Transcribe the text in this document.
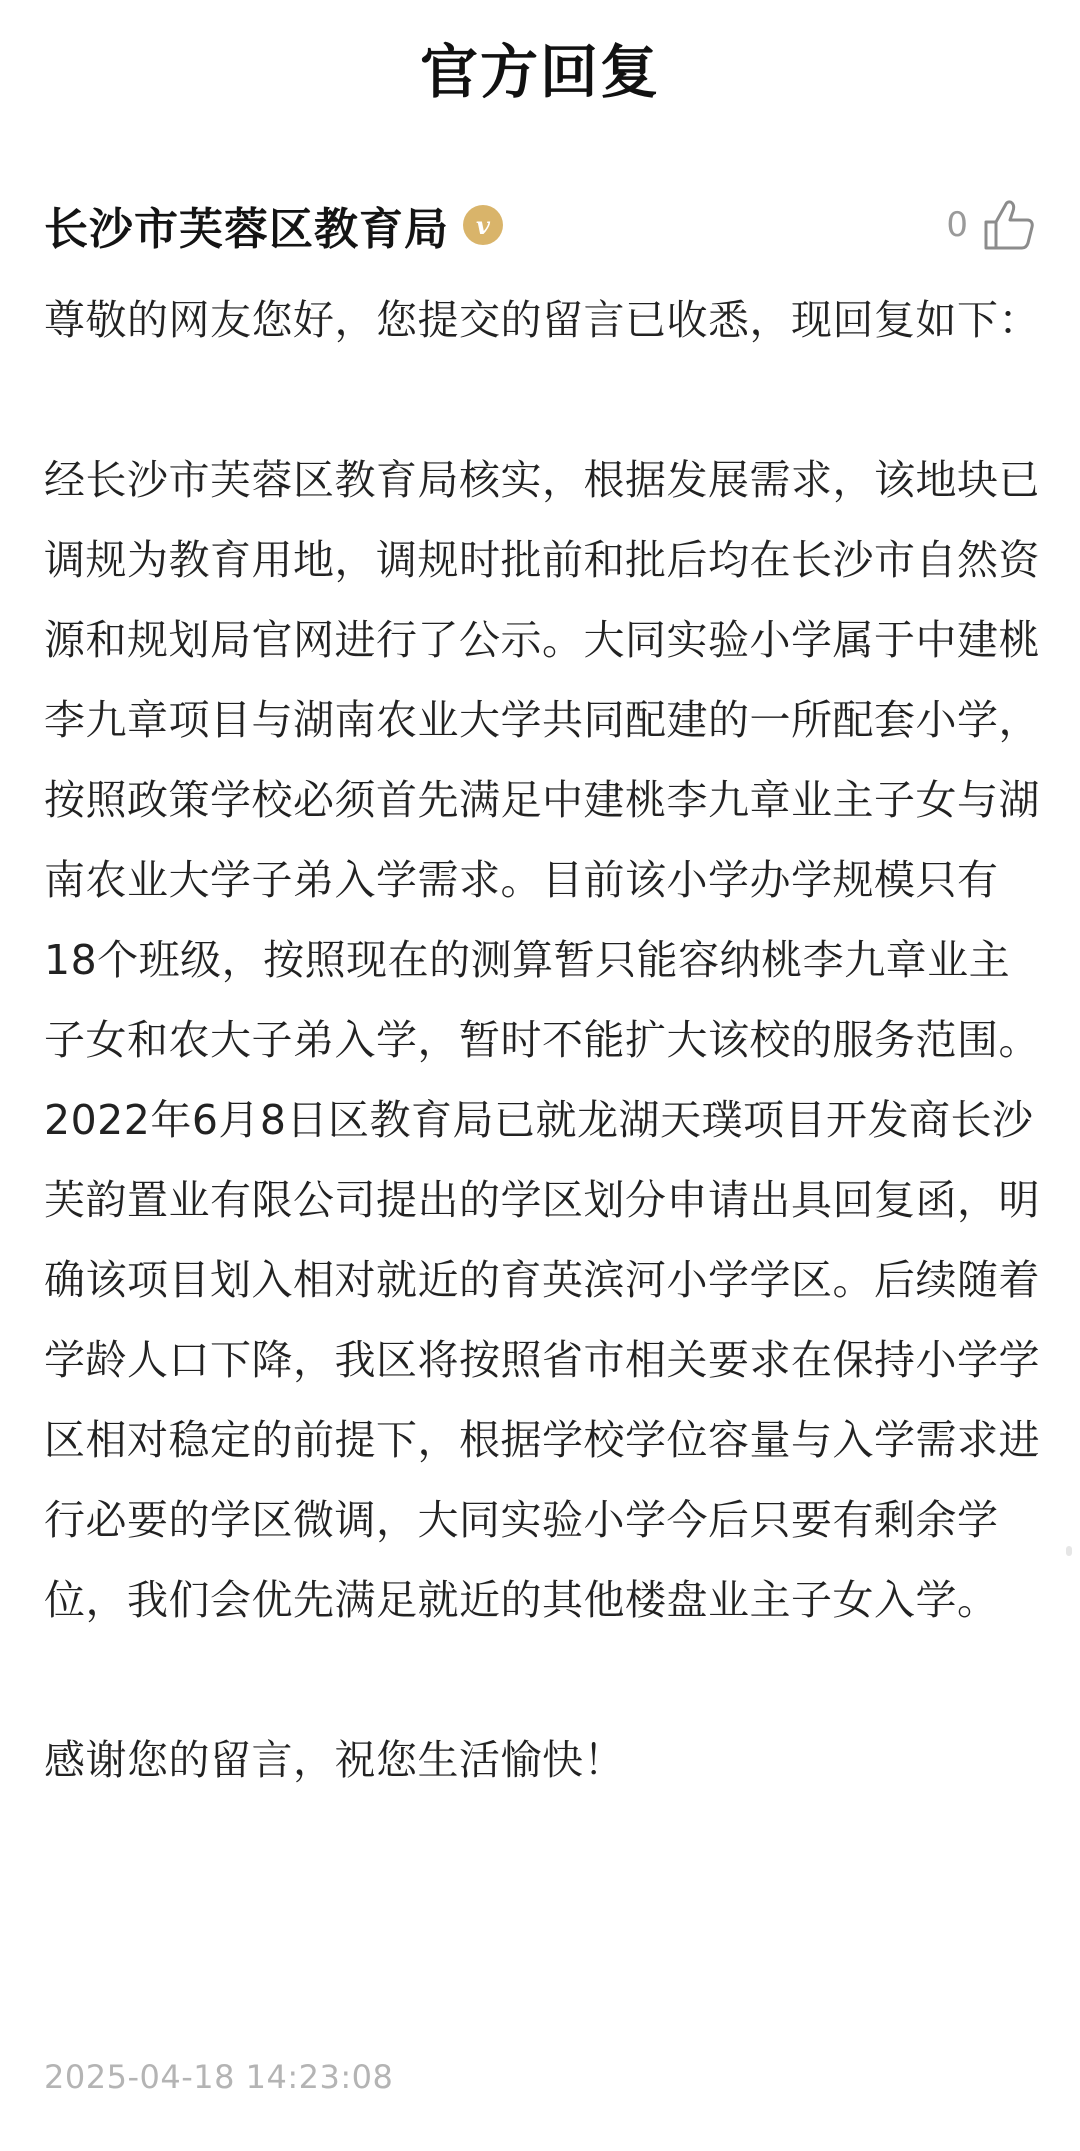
官方回复
长沙市芙蓉区教育局	v	0

尊敬的网友您好，您提交的留言已收悉，现回复如下：

经长沙市芙蓉区教育局核实，根据发展需求，该地块已调规为教育用地，调规时批前和批后均在长沙市自然资源和规划局官网进行了公示。大同实验小学属于中建桃李九章项目与湖南农业大学共同配建的一所配套小学，按照政策学校必须首先满足中建桃李九章业主子女与湖南农业大学子弟入学需求。目前该小学办学规模只有18个班级，按照现在的测算暂只能容纳桃李九章业主子女和农大子弟入学，暂时不能扩大该校的服务范围。2022年6月8日区教育局已就龙湖天璞项目开发商长沙芙韵置业有限公司提出的学区划分申请出具回复函，明确该项目划入相对就近的育英滨河小学学区。后续随着学龄人口下降，我区将按照省市相关要求在保持小学学区相对稳定的前提下，根据学校学位容量与入学需求进行必要的学区微调，大同实验小学今后只要有剩余学位，我们会优先满足就近的其他楼盘业主子女入学。

感谢您的留言，祝您生活愉快！

2025-04-18 14:23:08
